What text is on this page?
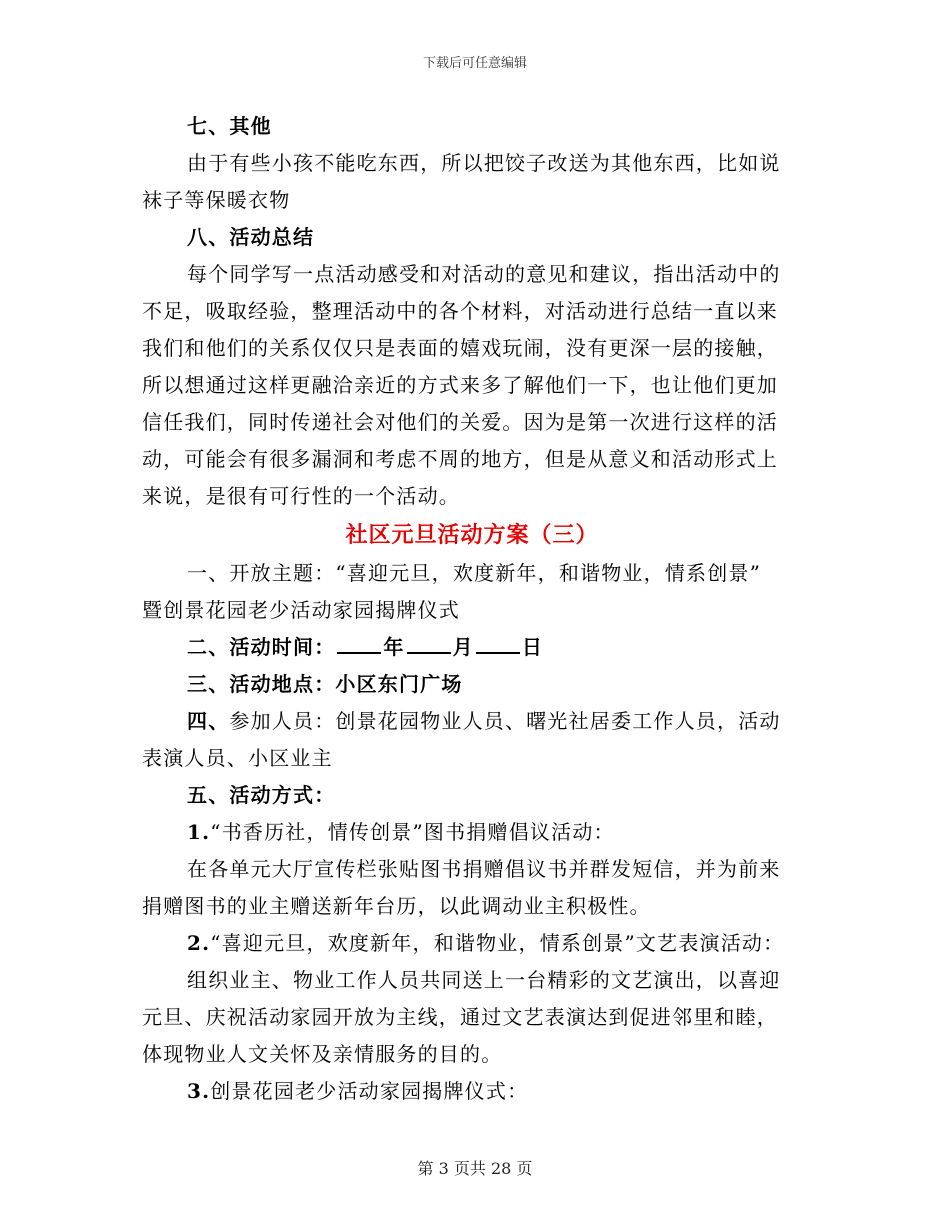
下载后可任意编辑
七、其他
由于有些小孩不能吃东西，所以把饺子改送为其他东西，比如说
袜子等保暖衣物
八、活动总结
每个同学写一点活动感受和对活动的意见和建议，指出活动中的
不足，吸取经验，整理活动中的各个材料，对活动进行总结一直以来
我们和他们的关系仅仅只是表面的嬉戏玩闹，没有更深一层的接触，
所以想通过这样更融洽亲近的方式来多了解他们一下，也让他们更加
信任我们，同时传递社会对他们的关爱。因为是第一次进行这样的活
动，可能会有很多漏洞和考虑不周的地方，但是从意义和活动形式上
来说，是很有可行性的一个活动。
社区元旦活动方案（三）
一、开放主题：“喜迎元旦，欢度新年，和谐物业，情系创景”
暨创景花园老少活动家园揭牌仪式
二、活动时间： 年 月 日
三、活动地点：小区东门广场
四、参加人员：创景花园物业人员、曙光社居委工作人员，活动
表演人员、小区业主
五、活动方式：
1.“书香历社，情传创景”图书捐赠倡议活动：
在各单元大厅宣传栏张贴图书捐赠倡议书并群发短信，并为前来
捐赠图书的业主赠送新年台历，以此调动业主积极性。
2.“喜迎元旦，欢度新年，和谐物业，情系创景”文艺表演活动：
组织业主、物业工作人员共同送上一台精彩的文艺演出，以喜迎
元旦、庆祝活动家园开放为主线，通过文艺表演达到促进邻里和睦，
体现物业人文关怀及亲情服务的目的。
3.创景花园老少活动家园揭牌仪式：
第 3 页共 28 页
